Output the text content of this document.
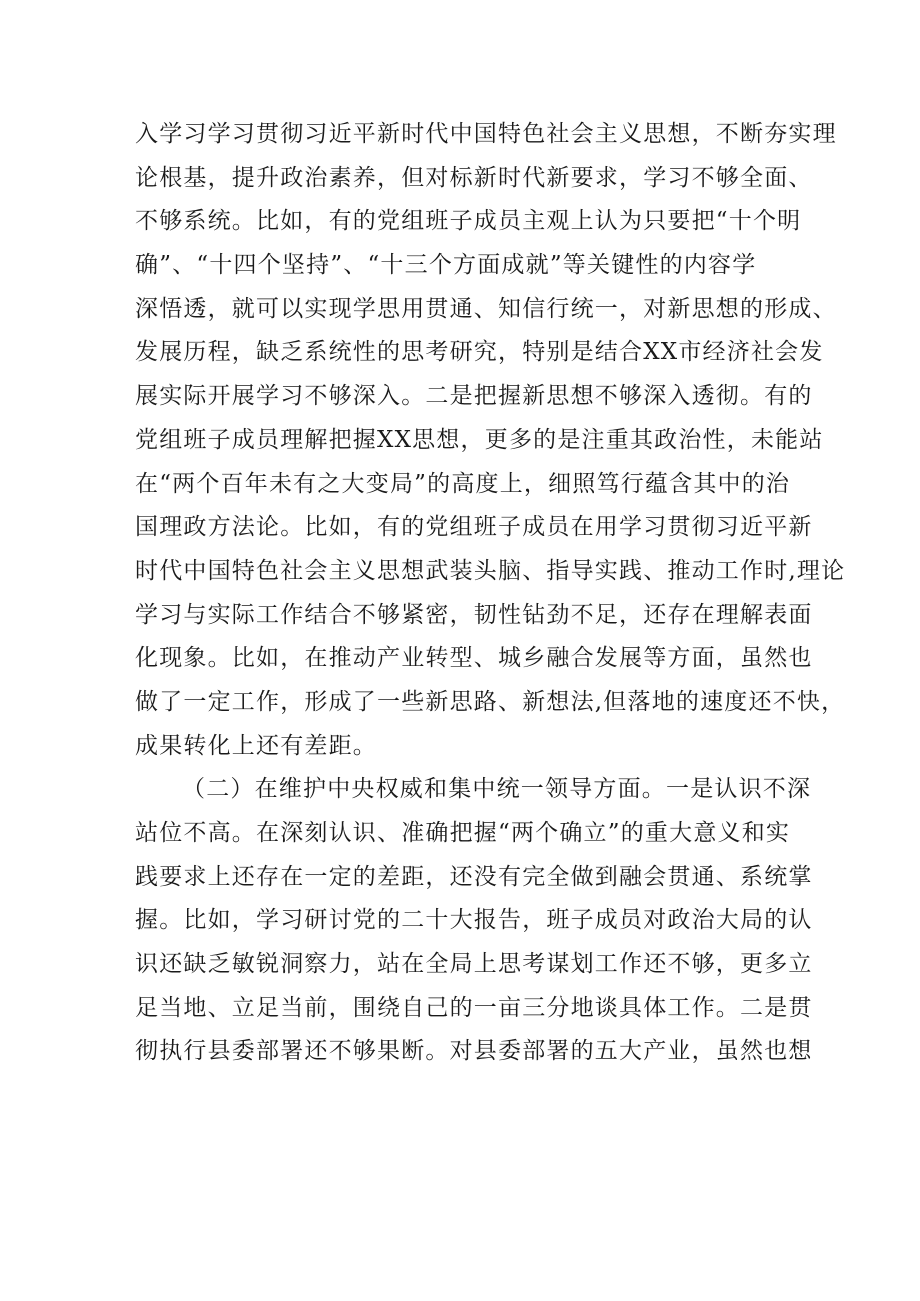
入学习学习贯彻习近平新时代中国特色社会主义思想，不断夯实理
论根基，提升政治素养，但对标新时代新要求，学习不够全面、
不够系统。比如，有的党组班子成员主观上认为只要把“十个明
确”、“十四个坚持”、“十三个方面成就”等关键性的内容学
深悟透，就可以实现学思用贯通、知信行统一，对新思想的形成、
发展历程，缺乏系统性的思考研究，特别是结合XX市经济社会发
展实际开展学习不够深入。二是把握新思想不够深入透彻。有的
党组班子成员理解把握XX思想，更多的是注重其政治性，未能站
在“两个百年未有之大变局”的高度上，细照笃行蕴含其中的治
国理政方法论。比如，有的党组班子成员在用学习贯彻习近平新
时代中国特色社会主义思想武装头脑、指导实践、推动工作时,理论
学习与实际工作结合不够紧密，韧性钻劲不足，还存在理解表面
化现象。比如，在推动产业转型、城乡融合发展等方面，虽然也
做了一定工作，形成了一些新思路、新想法,但落地的速度还不快，
成果转化上还有差距。
（二）在维护中央权威和集中统一领导方面。一是认识不深
站位不高。在深刻认识、准确把握“两个确立”的重大意义和实
践要求上还存在一定的差距，还没有完全做到融会贯通、系统掌
握。比如，学习研讨党的二十大报告，班子成员对政治大局的认
识还缺乏敏锐洞察力，站在全局上思考谋划工作还不够，更多立
足当地、立足当前，围绕自己的一亩三分地谈具体工作。二是贯
彻执行县委部署还不够果断。对县委部署的五大产业，虽然也想
